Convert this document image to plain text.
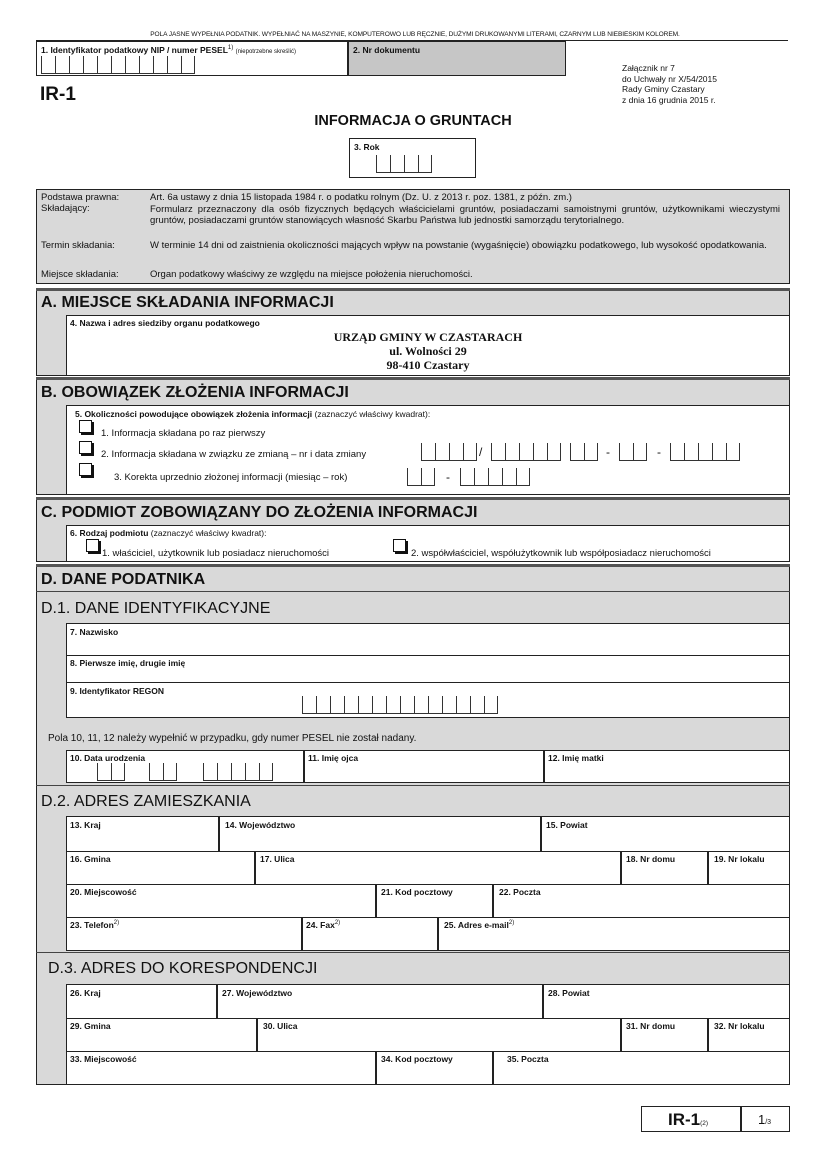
POLA JASNE WYPEŁNIA PODATNIK. WYPEŁNIAĆ NA MASZYNIE, KOMPUTEROWO LUB RĘCZNIE, DUŻYMI DRUKOWANYMI LITERAMI, CZARNYM LUB NIEBIESKIM KOLOREM.
1. Identyfikator podatkowy NIP / numer PESEL$^{1)}$ (niepotrzebne skreślić)	2. Nr dokumentu
IR-1
Załącznik nr 7
do Uchwały nr X/54/2015
Rady Gminy Czastary
z dnia 16 grudnia 2015 r.
INFORMACJA O GRUNTACH
3. Rok
Podstawa prawna:	Art. 6a ustawy z dnia 15 listopada 1984 r. o podatku rolnym (Dz. U. z 2013 r. poz. 1381, z późn. zm.)
Składający:	Formularz przeznaczony dla osób fizycznych będących właścicielami gruntów, posiadaczami samoistnymi gruntów, użytkownikami wieczystymi gruntów, posiadaczami gruntów stanowiących własność Skarbu Państwa lub jednostki samorządu terytorialnego.
Termin składania:	W terminie 14 dni od zaistnienia okoliczności mających wpływ na powstanie (wygaśnięcie) obowiązku podatkowego, lub wysokość opodatkowania.
Miejsce składania:	Organ podatkowy właściwy ze względu na miejsce położenia nieruchomości.
A. MIEJSCE SKŁADANIA INFORMACJI
4. Nazwa i adres siedziby organu podatkowego
URZĄD GMINY W CZASTARACH
ul. Wolności 29
98-410 Czastary
B. OBOWIĄZEK ZŁOŻENIA INFORMACJI
5. Okoliczności powodujące obowiązek złożenia informacji (zaznaczyć właściwy kwadrat):
1. Informacja składana po raz pierwszy
2. Informacja składana w związku ze zmianą – nr i data zmiany	/	-	-
3. Korekta uprzednio złożonej informacji (miesiąc – rok)	-
C. PODMIOT ZOBOWIĄZANY DO ZŁOŻENIA INFORMACJI
6. Rodzaj podmiotu (zaznaczyć właściwy kwadrat):
1. właściciel, użytkownik lub posiadacz nieruchomości	2. współwłaściciel, współużytkownik lub współposiadacz nieruchomości
D. DANE PODATNIKA
D.1. DANE IDENTYFIKACYJNE
7. Nazwisko
8. Pierwsze imię, drugie imię
9. Identyfikator REGON
Pola 10, 11, 12 należy wypełnić w przypadku, gdy numer PESEL nie został nadany.
10. Data urodzenia	11. Imię ojca	12. Imię matki
D.2. ADRES ZAMIESZKANIA
13. Kraj	14. Województwo	15. Powiat
16. Gmina	17. Ulica	18. Nr domu	19. Nr lokalu
20. Miejscowość	21. Kod pocztowy	22. Poczta
23. Telefon$^{2)}$	24. Fax$^{2)}$	25. Adres e-mail$^{2)}$
D.3. ADRES DO KORESPONDENCJI
26. Kraj	27. Województwo	28. Powiat
29. Gmina	30. Ulica	31. Nr domu	32. Nr lokalu
33. Miejscowość	34. Kod pocztowy	35. Poczta
IR-1(2)	1/3
